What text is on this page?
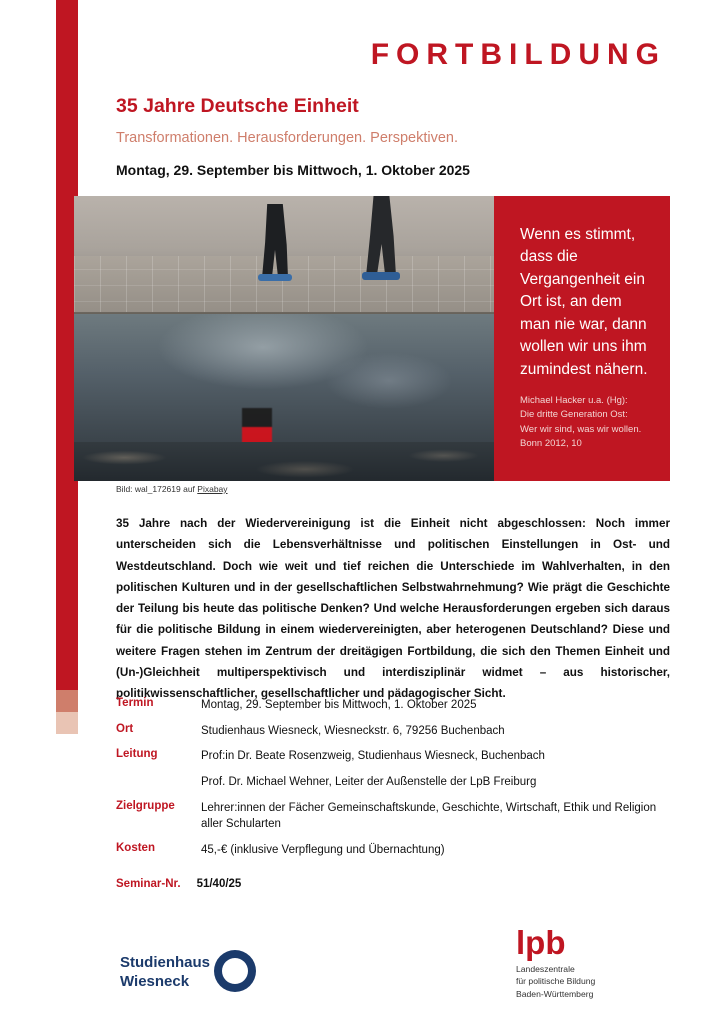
FORTBILDUNG
35 Jahre Deutsche Einheit
Transformationen. Herausforderungen. Perspektiven.
Montag, 29. September bis Mittwoch, 1. Oktober 2025
Wenn es stimmt, dass die Vergangenheit ein Ort ist, an dem man nie war, dann wollen wir uns ihm zumindest nähern.
Michael Hacker u.a. (Hg):
Die dritte Generation Ost:
Wer wir sind, was wir wollen.
Bonn 2012, 10
Bild: wal_172619 auf Pixabay
35 Jahre nach der Wiedervereinigung ist die Einheit nicht abgeschlossen: Noch immer unterscheiden sich die Lebensverhältnisse und politischen Einstellungen in Ost- und Westdeutschland. Doch wie weit und tief reichen die Unterschiede im Wahlverhalten, in den politischen Kulturen und in der gesellschaftlichen Selbstwahrnehmung? Wie prägt die Geschichte der Teilung bis heute das politische Denken? Und welche Herausforderungen ergeben sich daraus für die politische Bildung in einem wiedervereinigten, aber heterogenen Deutschland? Diese und weitere Fragen stehen im Zentrum der dreitägigen Fortbildung, die sich den Themen Einheit und (Un-)Gleichheit multiperspektivisch und interdisziplinär widmet – aus historischer, politikwissenschaftlicher, gesellschaftlicher und pädagogischer Sicht.
Termin	Montag, 29. September bis Mittwoch, 1. Oktober 2025
Ort	Studienhaus Wiesneck, Wiesneckstr. 6, 79256 Buchenbach
Leitung	Prof:in Dr. Beate Rosenzweig, Studienhaus Wiesneck, Buchenbach
Prof. Dr. Michael Wehner, Leiter der Außenstelle der LpB Freiburg
Zielgruppe	Lehrer:innen der Fächer Gemeinschaftskunde, Geschichte, Wirtschaft, Ethik und Religion aller Schularten
Kosten	45,-€ (inklusive Verpflegung und Übernachtung)
Seminar-Nr. 51/40/25
Studienhaus
Wiesneck
lpb
Landeszentrale
für politische Bildung
Baden-Württemberg
